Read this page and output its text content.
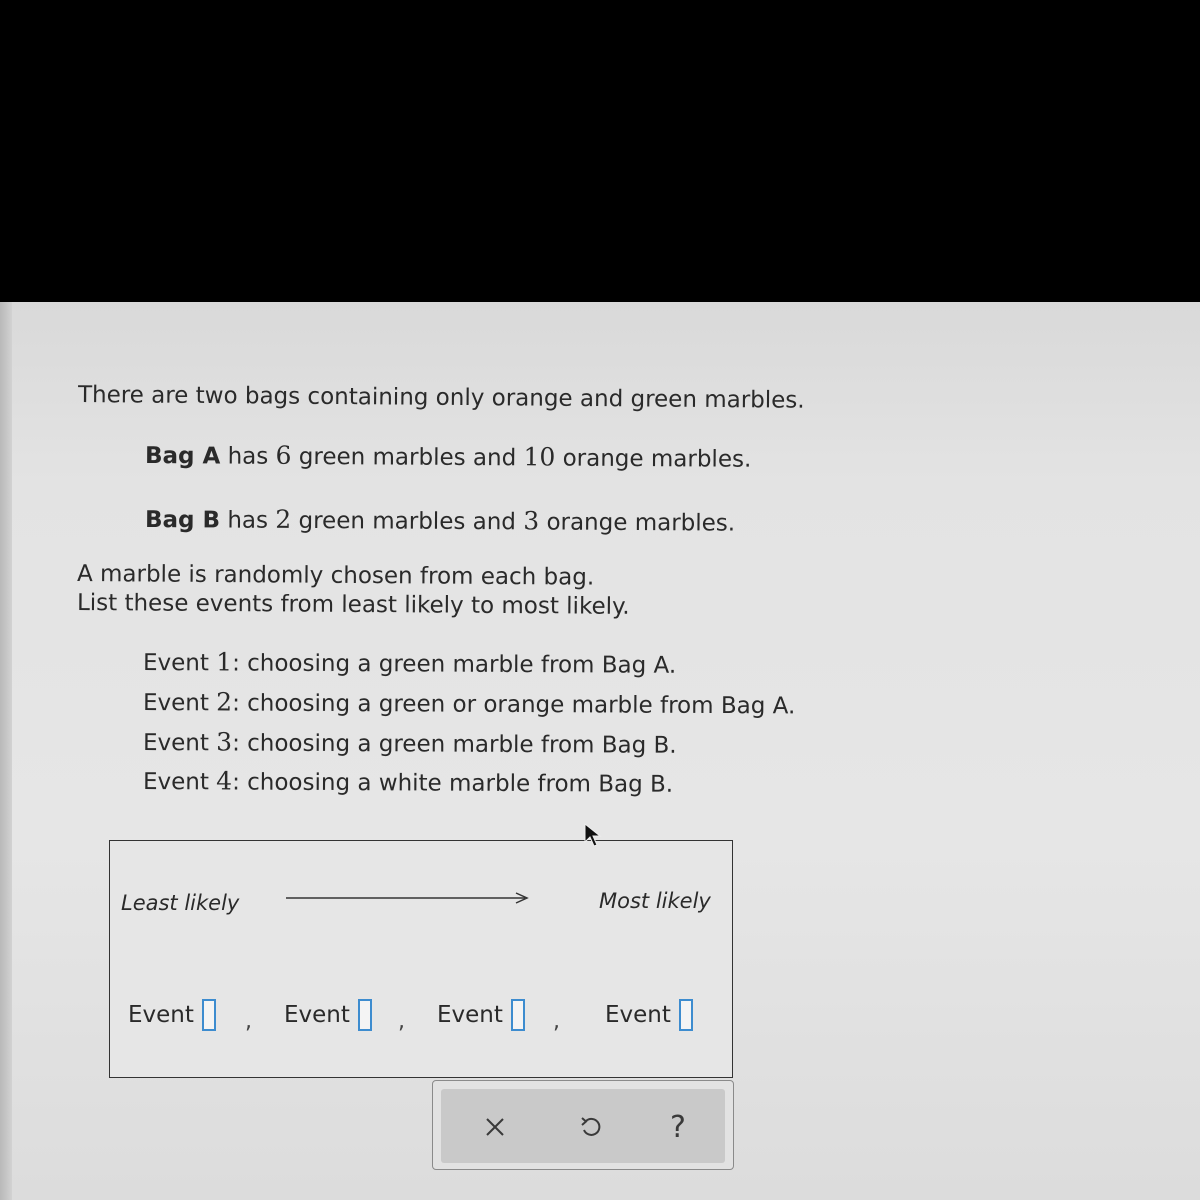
There are two bags containing only orange and green marbles.
Bag A has 6 green marbles and 10 orange marbles.
Bag B has 2 green marbles and 3 orange marbles.
A marble is randomly chosen from each bag.
List these events from least likely to most likely.
Event 1: choosing a green marble from Bag A.
Event 2: choosing a green or orange marble from Bag A.
Event 3: choosing a green marble from Bag B.
Event 4: choosing a white marble from Bag B.
Least likely	Most likely
Event , Event , Event , Event
?
